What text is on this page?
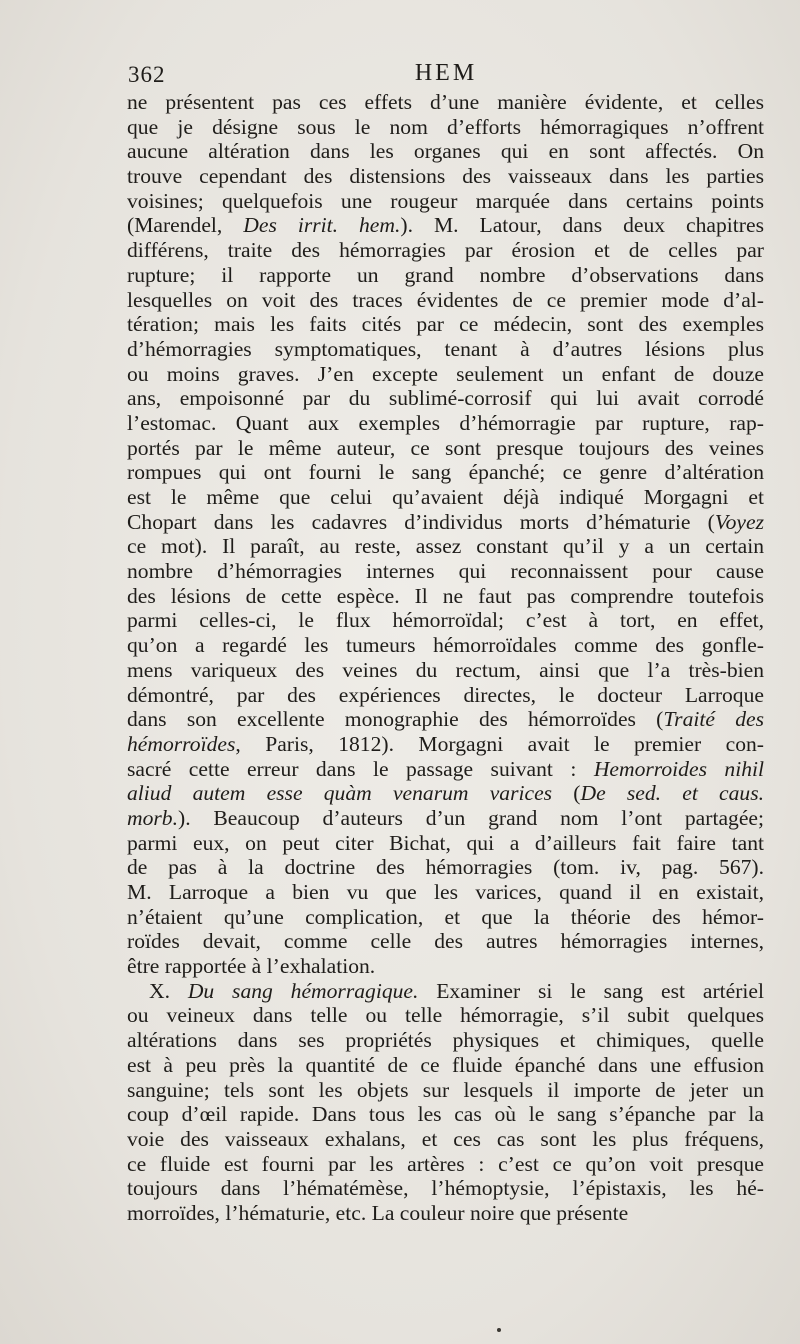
362	HEM
ne présentent pas ces effets d’une manière évidente, et celles
que je désigne sous le nom d’efforts hémorragiques n’offrent
aucune altération dans les organes qui en sont affectés. On
trouve cependant des distensions des vaisseaux dans les parties
voisines; quelquefois une rougeur marquée dans certains points
(Marendel, Des irrit. hem.). M. Latour, dans deux chapitres
différens, traite des hémorragies par érosion et de celles par
rupture; il rapporte un grand nombre d’observations dans
lesquelles on voit des traces évidentes de ce premier mode d’al-
tération; mais les faits cités par ce médecin, sont des exemples
d’hémorragies symptomatiques, tenant à d’autres lésions plus
ou moins graves. J’en excepte seulement un enfant de douze
ans, empoisonné par du sublimé-corrosif qui lui avait corrodé
l’estomac. Quant aux exemples d’hémorragie par rupture, rap-
portés par le même auteur, ce sont presque toujours des veines
rompues qui ont fourni le sang épanché; ce genre d’altération
est le même que celui qu’avaient déjà indiqué Morgagni et
Chopart dans les cadavres d’individus morts d’hématurie (Voyez
ce mot). Il paraît, au reste, assez constant qu’il y a un certain
nombre d’hémorragies internes qui reconnaissent pour cause
des lésions de cette espèce. Il ne faut pas comprendre toutefois
parmi celles-ci, le flux hémorroïdal; c’est à tort, en effet,
qu’on a regardé les tumeurs hémorroïdales comme des gonfle-
mens variqueux des veines du rectum, ainsi que l’a très-bien
démontré, par des expériences directes, le docteur Larroque
dans son excellente monographie des hémorroïdes (Traité des
hémorroïdes, Paris, 1812). Morgagni avait le premier con-
sacré cette erreur dans le passage suivant : Hemorroides nihil
aliud autem esse quàm venarum varices (De sed. et caus.
morb.). Beaucoup d’auteurs d’un grand nom l’ont partagée;
parmi eux, on peut citer Bichat, qui a d’ailleurs fait faire tant
de pas à la doctrine des hémorragies (tom. iv, pag. 567).
M. Larroque a bien vu que les varices, quand il en existait,
n’étaient qu’une complication, et que la théorie des hémor-
roïdes devait, comme celle des autres hémorragies internes,
être rapportée à l’exhalation.
X. Du sang hémorragique. Examiner si le sang est artériel
ou veineux dans telle ou telle hémorragie, s’il subit quelques
altérations dans ses propriétés physiques et chimiques, quelle
est à peu près la quantité de ce fluide épanché dans une effusion
sanguine; tels sont les objets sur lesquels il importe de jeter un
coup d’œil rapide. Dans tous les cas où le sang s’épanche par la
voie des vaisseaux exhalans, et ces cas sont les plus fréquens,
ce fluide est fourni par les artères : c’est ce qu’on voit presque
toujours dans l’hématémèse, l’hémoptysie, l’épistaxis, les hé-
morroïdes, l’hématurie, etc. La couleur noire que présente
